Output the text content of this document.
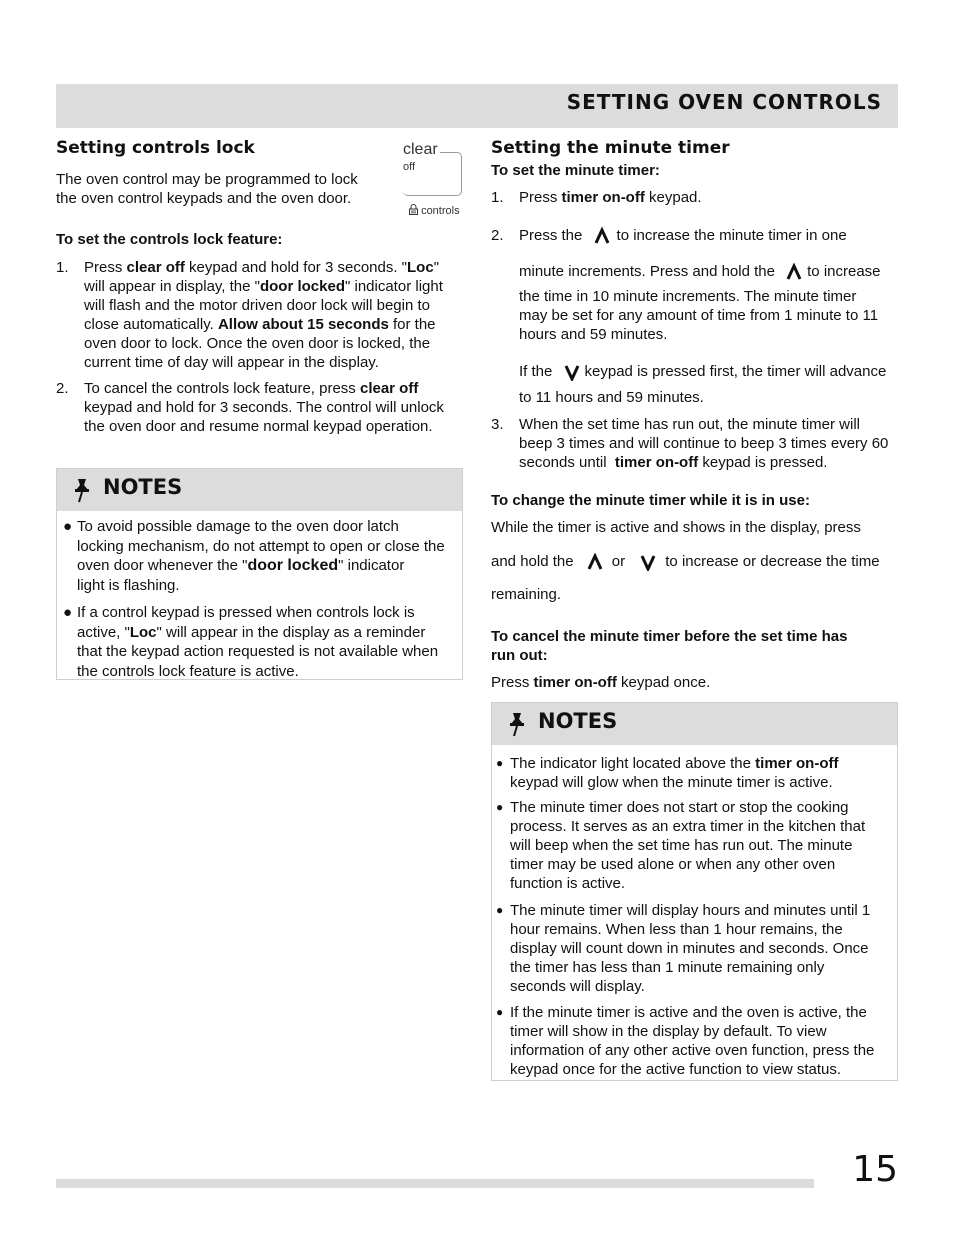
SETTING OVEN CONTROLS
Setting controls lock
The oven control may be programmed to lock
the oven control keypads and the oven door.
clear
off
controls
To set the controls lock feature:
1. Press clear off keypad and hold for 3 seconds. "Loc"
will appear in display, the "door locked" indicator light
will flash and the motor driven door lock will begin to
close automatically. Allow about 15 seconds for the
oven door to lock. Once the oven door is locked, the
current time of day will appear in the display.
2. To cancel the controls lock feature, press clear off
keypad and hold for 3 seconds. The control will unlock
the oven door and resume normal keypad operation.
NOTES
● To avoid possible damage to the oven door latch
locking mechanism, do not attempt to open or close the
oven door whenever the "door locked" indicator
light is flashing.
● If a control keypad is pressed when controls lock is
active, "Loc" will appear in the display as a reminder
that the keypad action requested is not available when
the controls lock feature is active.
Setting the minute timer
To set the minute timer:
1. Press timer on-off keypad.
2. Press the to increase the minute timer in one
minute increments. Press and hold the to increase
the time in 10 minute increments. The minute timer
may be set for any amount of time from 1 minute to 11
hours and 59 minutes.
If the keypad is pressed first, the timer will advance
to 11 hours and 59 minutes.
3. When the set time has run out, the minute timer will
beep 3 times and will continue to beep 3 times every 60
seconds until  timer on-off keypad is pressed.
To change the minute timer while it is in use:
While the timer is active and shows in the display, press
and hold the	or	to increase or decrease the time
remaining.
To cancel the minute timer before the set time has
run out:
Press timer on-off keypad once.
NOTES
● The indicator light located above the timer on-off
keypad will glow when the minute timer is active.
● The minute timer does not start or stop the cooking
process. It serves as an extra timer in the kitchen that
will beep when the set time has run out. The minute
timer may be used alone or when any other oven
function is active.
● The minute timer will display hours and minutes until 1
hour remains. When less than 1 hour remains, the
display will count down in minutes and seconds. Once
the timer has less than 1 minute remaining only
seconds will display.
● If the minute timer is active and the oven is active, the
timer will show in the display by default. To view
information of any other active oven function, press the
keypad once for the active function to view status.
15
